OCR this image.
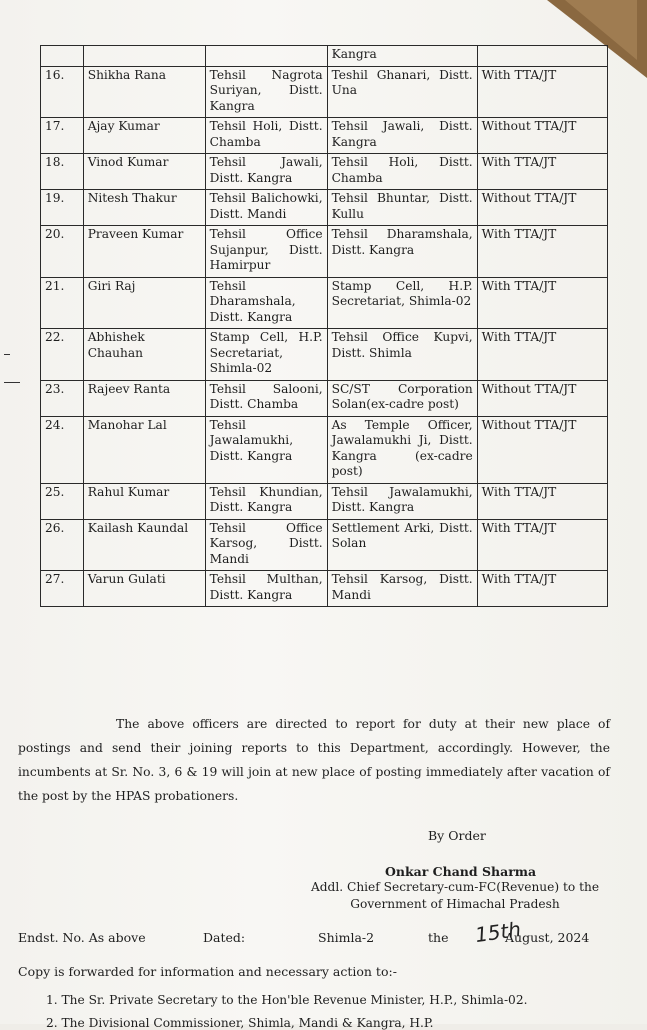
			Kangra	
16.	Shikha Rana	Tehsil Nagrota Suriyan, Distt. Kangra	Teshil Ghanari, Distt. Una	With TTA/JT
17.	Ajay Kumar	Tehsil Holi, Distt. Chamba	Tehsil Jawali, Distt. Kangra	Without TTA/JT
18.	Vinod Kumar	Tehsil Jawali, Distt. Kangra	Tehsil Holi, Distt. Chamba	With TTA/JT
19.	Nitesh Thakur	Tehsil Balichowki, Distt. Mandi	Tehsil Bhuntar, Distt. Kullu	Without TTA/JT
20.	Praveen Kumar	Tehsil Office Sujanpur, Distt. Hamirpur	Tehsil Dharamshala, Distt. Kangra	With TTA/JT
21.	Giri Raj	Tehsil Dharamshala, Distt. Kangra	Stamp Cell, H.P. Secretariat, Shimla-02	With TTA/JT
22.	Abhishek Chauhan	Stamp Cell, H.P. Secretariat, Shimla-02	Tehsil Office Kupvi, Distt. Shimla	With TTA/JT
23.	Rajeev Ranta	Tehsil Salooni, Distt. Chamba	SC/ST Corporation Solan(ex-cadre post)	Without TTA/JT
24.	Manohar Lal	Tehsil Jawalamukhi, Distt. Kangra	As Temple Officer, Jawalamukhi Ji, Distt. Kangra (ex-cadre post)	Without TTA/JT
25.	Rahul Kumar	Tehsil Khundian, Distt. Kangra	Tehsil Jawalamukhi, Distt. Kangra	With TTA/JT
26.	Kailash Kaundal	Tehsil Office Karsog, Distt. Mandi	Settlement Arki, Distt. Solan	With TTA/JT
27.	Varun Gulati	Tehsil Multhan, Distt. Kangra	Tehsil Karsog, Distt. Mandi	With TTA/JT
The above officers are directed to report for duty at their new place of postings and send their joining reports to this Department, accordingly. However, the incumbents at Sr. No. 3, 6 & 19 will join at new place of posting immediately after vacation of the post by the HPAS probationers.
By Order
Onkar Chand Sharma
Addl. Chief Secretary-cum-FC(Revenue) to the
Government of Himachal Pradesh
Endst. No. As above	Dated:	Shimla-2	the 15th
August, 2024
Copy is forwarded for information and necessary action to:-
1. The Sr. Private Secretary to the Hon'ble Revenue Minister, H.P., Shimla-02.
2. The Divisional Commissioner, Shimla, Mandi & Kangra, H.P.
